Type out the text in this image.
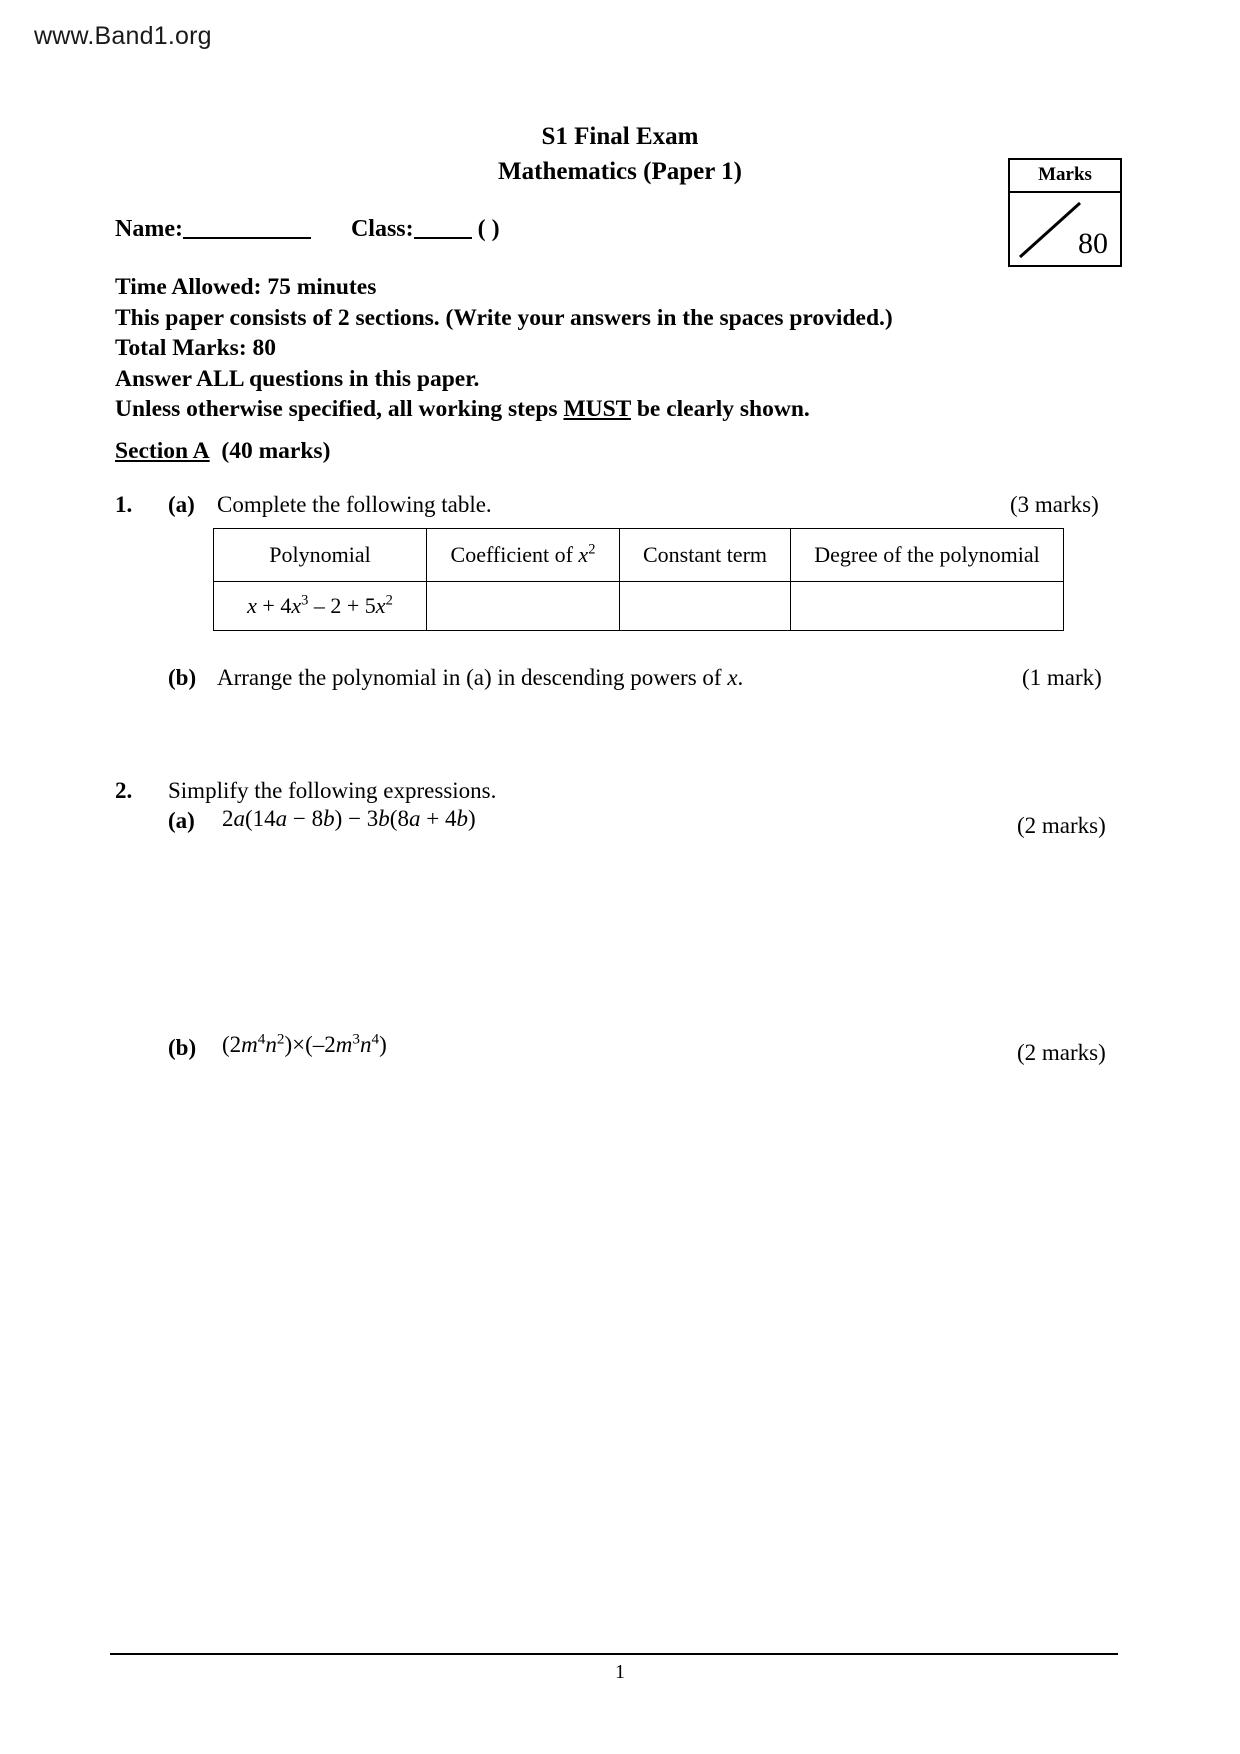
www.Band1.org
S1 Final Exam
Mathematics (Paper 1)	Marks
80
Name:	Class:	( )
Time Allowed: 75 minutes
This paper consists of 2 sections. (Write your answers in the spaces provided.)
Total Marks: 80
Answer ALL questions in this paper.
Unless otherwise specified, all working steps MUST be clearly shown.
Section A (40 marks)
1. (a) Complete the following table.	(3 marks)
Polynomial	Coefficient of $x^2$	Constant term	Degree of the polynomial
$x + 4x^3 - 2 + 5x^2$			
(b) Arrange the polynomial in (a) in descending powers of x.	(1 mark)
2. Simplify the following expressions.
(a) 2a(14a − 8b) − 3b(8a + 4b)	(2 marks)
(b) $(2m^4n^2)\times(-2m^3n^4)$	(2 marks)
1
